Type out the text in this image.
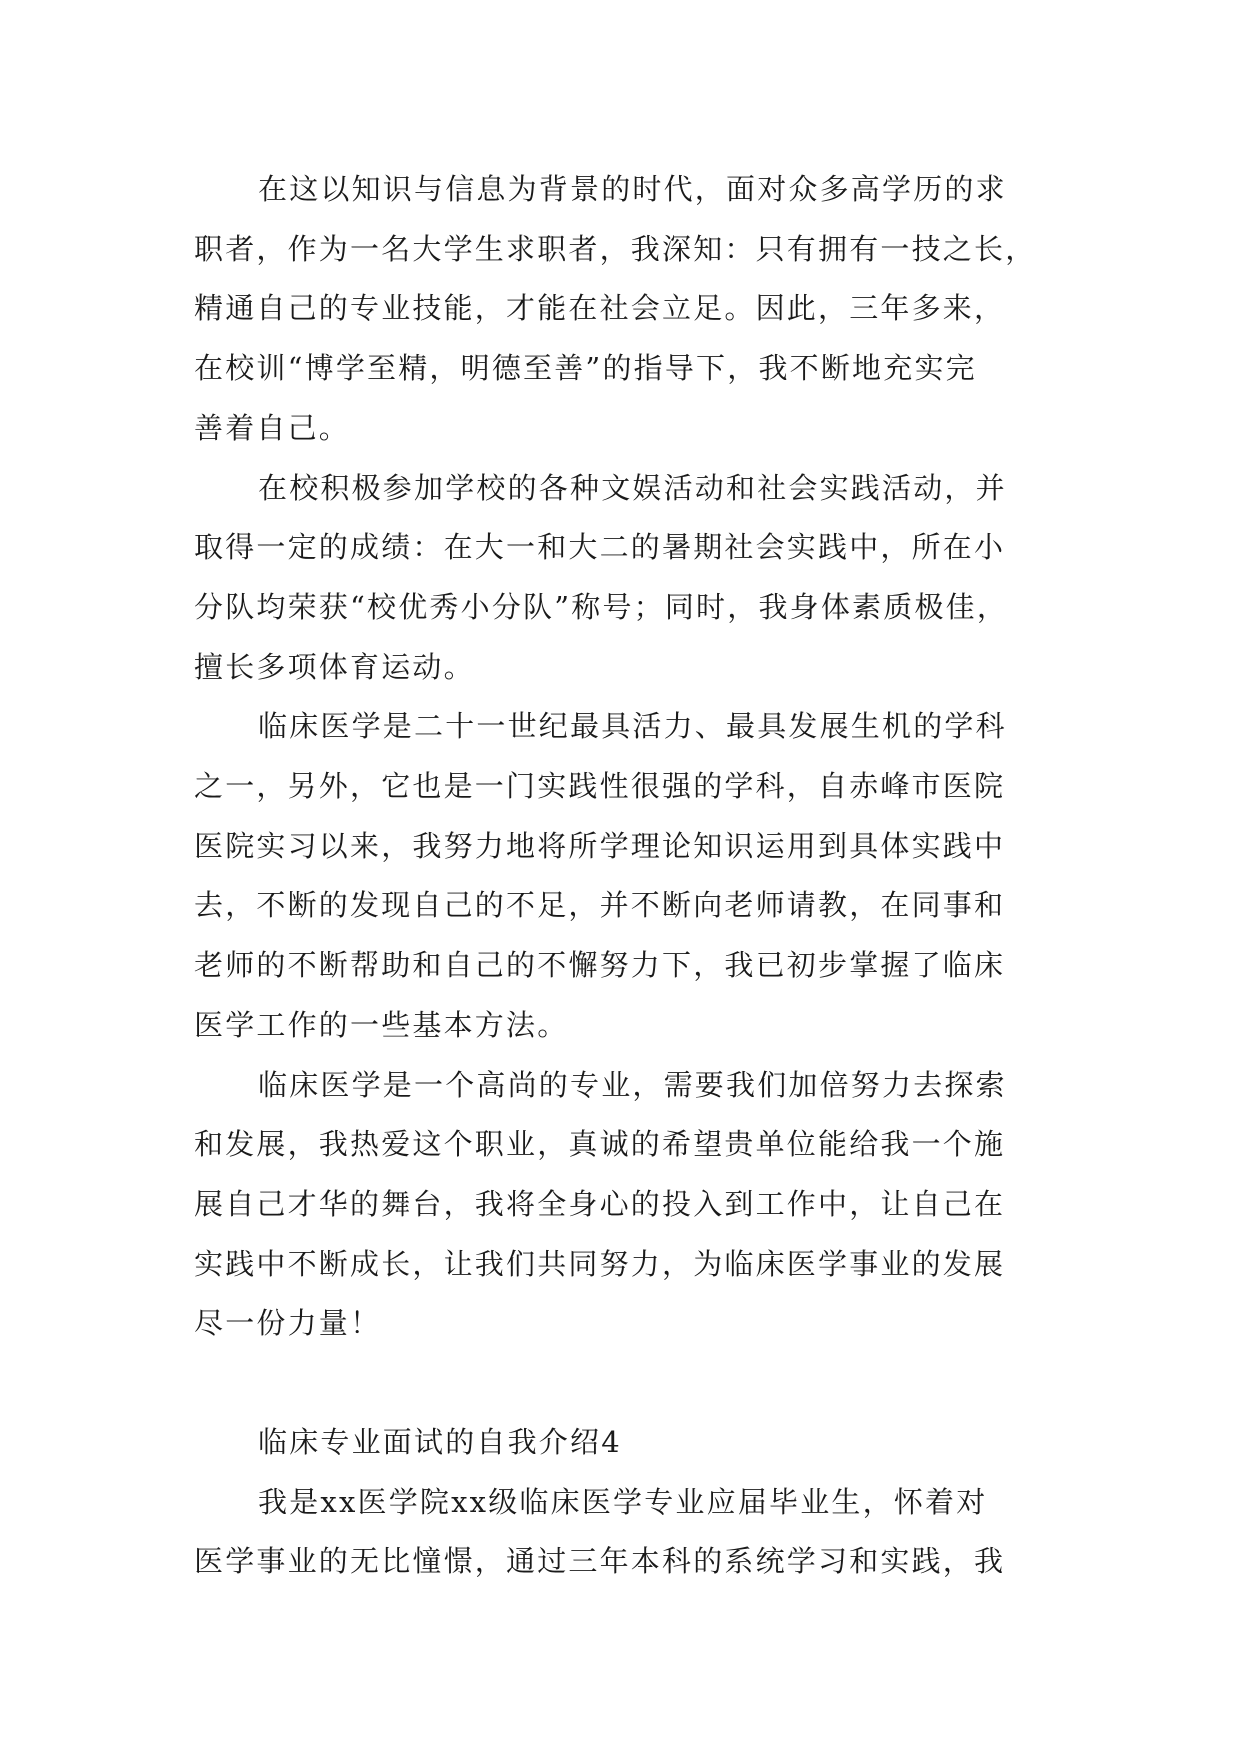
在这以知识与信息为背景的时代，面对众多高学历的求
职者，作为一名大学生求职者，我深知：只有拥有一技之长，
精通自己的专业技能，才能在社会立足。因此，三年多来，
在校训“博学至精，明德至善”的指导下，我不断地充实完
善着自己。

在校积极参加学校的各种文娱活动和社会实践活动，并
取得一定的成绩：在大一和大二的暑期社会实践中，所在小
分队均荣获“校优秀小分队”称号；同时，我身体素质极佳，
擅长多项体育运动。

临床医学是二十一世纪最具活力、最具发展生机的学科
之一，另外，它也是一门实践性很强的学科，自赤峰市医院
医院实习以来，我努力地将所学理论知识运用到具体实践中
去，不断的发现自己的不足，并不断向老师请教，在同事和
老师的不断帮助和自己的不懈努力下，我已初步掌握了临床
医学工作的一些基本方法。

临床医学是一个高尚的专业，需要我们加倍努力去探索
和发展，我热爱这个职业，真诚的希望贵单位能给我一个施
展自己才华的舞台，我将全身心的投入到工作中，让自己在
实践中不断成长，让我们共同努力，为临床医学事业的发展
尽一份力量！

临床专业面试的自我介绍4

我是xx医学院xx级临床医学专业应届毕业生，怀着对
医学事业的无比憧憬，通过三年本科的系统学习和实践，我
